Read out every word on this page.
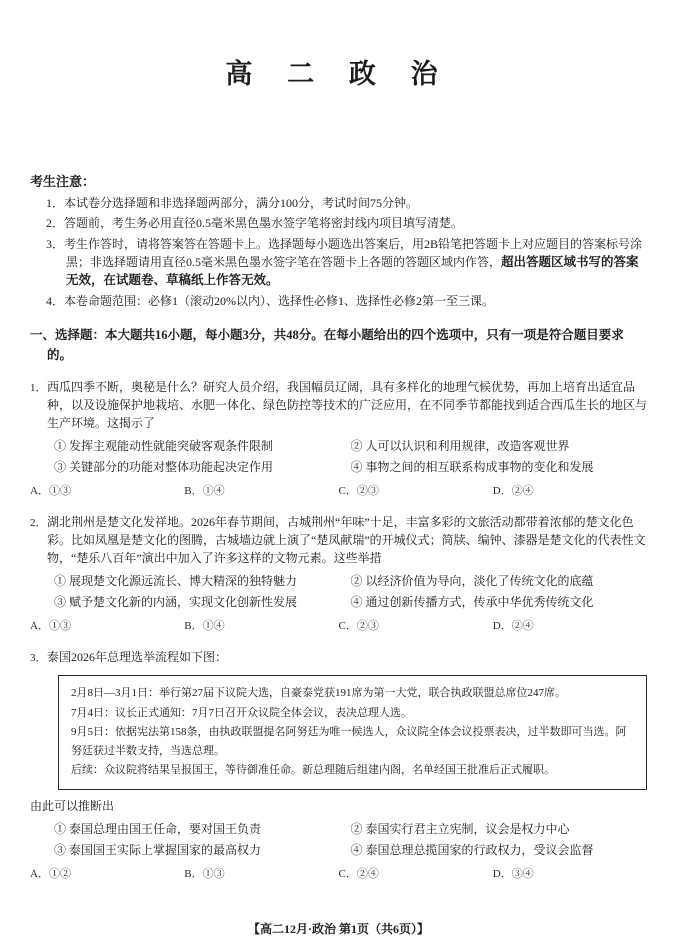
高 二 政 治
考生注意：
1．本试卷分选择题和非选择题两部分，满分100分，考试时间75分钟。
2．答题前，考生务必用直径0.5毫米黑色墨水签字笔将密封线内项目填写清楚。
3．考生作答时，请将答案答在答题卡上。选择题每小题选出答案后，用2B铅笔把答题卡上对应题目的答案标号涂黑；非选择题请用直径0.5毫米黑色墨水签字笔在答题卡上各题的答题区域内作答，超出答题区域书写的答案无效，在试题卷、草稿纸上作答无效。
4．本卷命题范围：必修1（滚动20%以内）、选择性必修1、选择性必修2第一至三课。
一、选择题：本大题共16小题，每小题3分，共48分。在每小题给出的四个选项中，只有一项是符合题目要求的。
1．西瓜四季不断，奥秘是什么？研究人员介绍，我国幅员辽阔，具有多样化的地理气候优势，再加上培育出适宜品种，以及设施保护地栽培、水肥一体化、绿色防控等技术的广泛应用，在不同季节都能找到适合西瓜生长的地区与生产环境。这揭示了
① 发挥主观能动性就能突破客观条件限制	② 人可以认识和利用规律，改造客观世界
③ 关键部分的功能对整体功能起决定作用	④ 事物之间的相互联系构成事物的变化和发展
A．①③	B．①④	C．②③	D．②④
2．湖北荆州是楚文化发祥地。2026年春节期间，古城荆州“年味”十足，丰富多彩的文旅活动都带着浓郁的楚文化色彩。比如凤凰是楚文化的图腾，古城墙边就上演了“楚凤献瑞”的开城仪式；简牍、编钟、漆器是楚文化的代表性文物，“楚乐八百年”演出中加入了许多这样的文物元素。这些举措
① 展现楚文化源远流长、博大精深的独特魅力	② 以经济价值为导向，淡化了传统文化的底蕴
③ 赋予楚文化新的内涵，实现文化创新性发展	④ 通过创新传播方式，传承中华优秀传统文化
A．①③	B．①④	C．②③	D．②④
3．泰国2026年总理选举流程如下图：

2月8日—3月1日：举行第27届下议院大选，自豪泰党获191席为第一大党，联合执政联盟总席位247席。

7月4日：议长正式通知：7月7日召开众议院全体会议，表决总理人选。

9月5日：依据宪法第158条，由执政联盟提名阿努廷为唯一候选人，众议院全体会议投票表决，过半数即可当选。阿努廷获过半数支持，当选总理。

后续：众议院将结果呈报国王，等待御准任命。新总理随后组建内阁，名单经国王批准后正式履职。

由此可以推断出
① 泰国总理由国王任命，要对国王负责	② 泰国实行君主立宪制，议会是权力中心
③ 泰国国王实际上掌握国家的最高权力	④ 泰国总理总揽国家的行政权力，受议会监督
A．①②	B．①③	C．②④	D．③④
【高二12月·政治 第1页（共6页）】
